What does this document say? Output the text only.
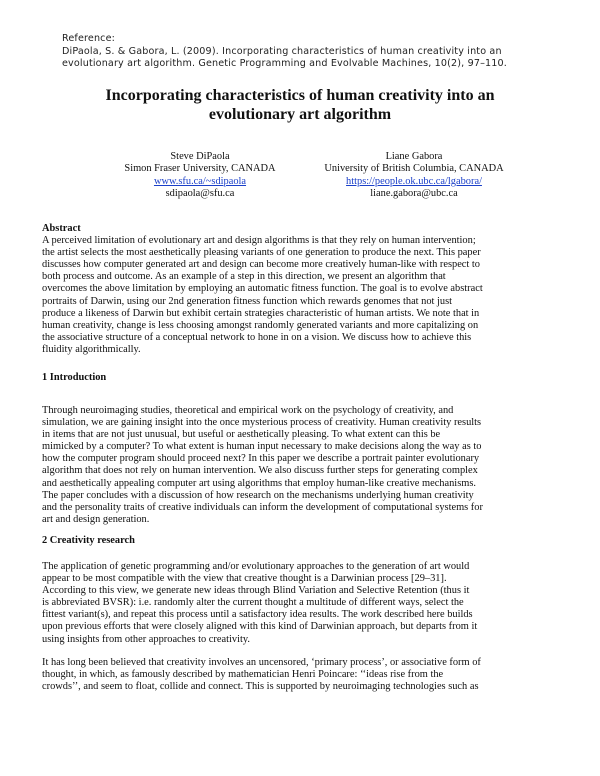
Reference:
DiPaola, S. & Gabora, L. (2009). Incorporating characteristics of human creativity into an
evolutionary art algorithm. Genetic Programming and Evolvable Machines, 10(2), 97–110.
Incorporating characteristics of human creativity into an
evolutionary art algorithm
Steve DiPaola
Simon Fraser University, CANADA
www.sfu.ca/~sdipaola
sdipaola@sfu.ca
Liane Gabora
University of British Columbia, CANADA
https://people.ok.ubc.ca/lgabora/
liane.gabora@ubc.ca
Abstract
A perceived limitation of evolutionary art and design algorithms is that they rely on human intervention;
the artist selects the most aesthetically pleasing variants of one generation to produce the next. This paper
discusses how computer generated art and design can become more creatively human-like with respect to
both process and outcome. As an example of a step in this direction, we present an algorithm that
overcomes the above limitation by employing an automatic fitness function. The goal is to evolve abstract
portraits of Darwin, using our 2nd generation fitness function which rewards genomes that not just
produce a likeness of Darwin but exhibit certain strategies characteristic of human artists. We note that in
human creativity, change is less choosing amongst randomly generated variants and more capitalizing on
the associative structure of a conceptual network to hone in on a vision. We discuss how to achieve this
fluidity algorithmically.
1 Introduction
Through neuroimaging studies, theoretical and empirical work on the psychology of creativity, and
simulation, we are gaining insight into the once mysterious process of creativity. Human creativity results
in items that are not just unusual, but useful or aesthetically pleasing. To what extent can this be
mimicked by a computer? To what extent is human input necessary to make decisions along the way as to
how the computer program should proceed next? In this paper we describe a portrait painter evolutionary
algorithm that does not rely on human intervention. We also discuss further steps for generating complex
and aesthetically appealing computer art using algorithms that employ human-like creative mechanisms.
The paper concludes with a discussion of how research on the mechanisms underlying human creativity
and the personality traits of creative individuals can inform the development of computational systems for
art and design generation.
2 Creativity research
The application of genetic programming and/or evolutionary approaches to the generation of art would
appear to be most compatible with the view that creative thought is a Darwinian process [29–31].
According to this view, we generate new ideas through Blind Variation and Selective Retention (thus it
is abbreviated BVSR): i.e. randomly alter the current thought a multitude of different ways, select the
fittest variant(s), and repeat this process until a satisfactory idea results. The work described here builds
upon previous efforts that were closely aligned with this kind of Darwinian approach, but departs from it
using insights from other approaches to creativity.
It has long been believed that creativity involves an uncensored, ‘primary process’, or associative form of
thought, in which, as famously described by mathematician Henri Poincare: ‘‘ideas rise from the
crowds’’, and seem to float, collide and connect. This is supported by neuroimaging technologies such as
